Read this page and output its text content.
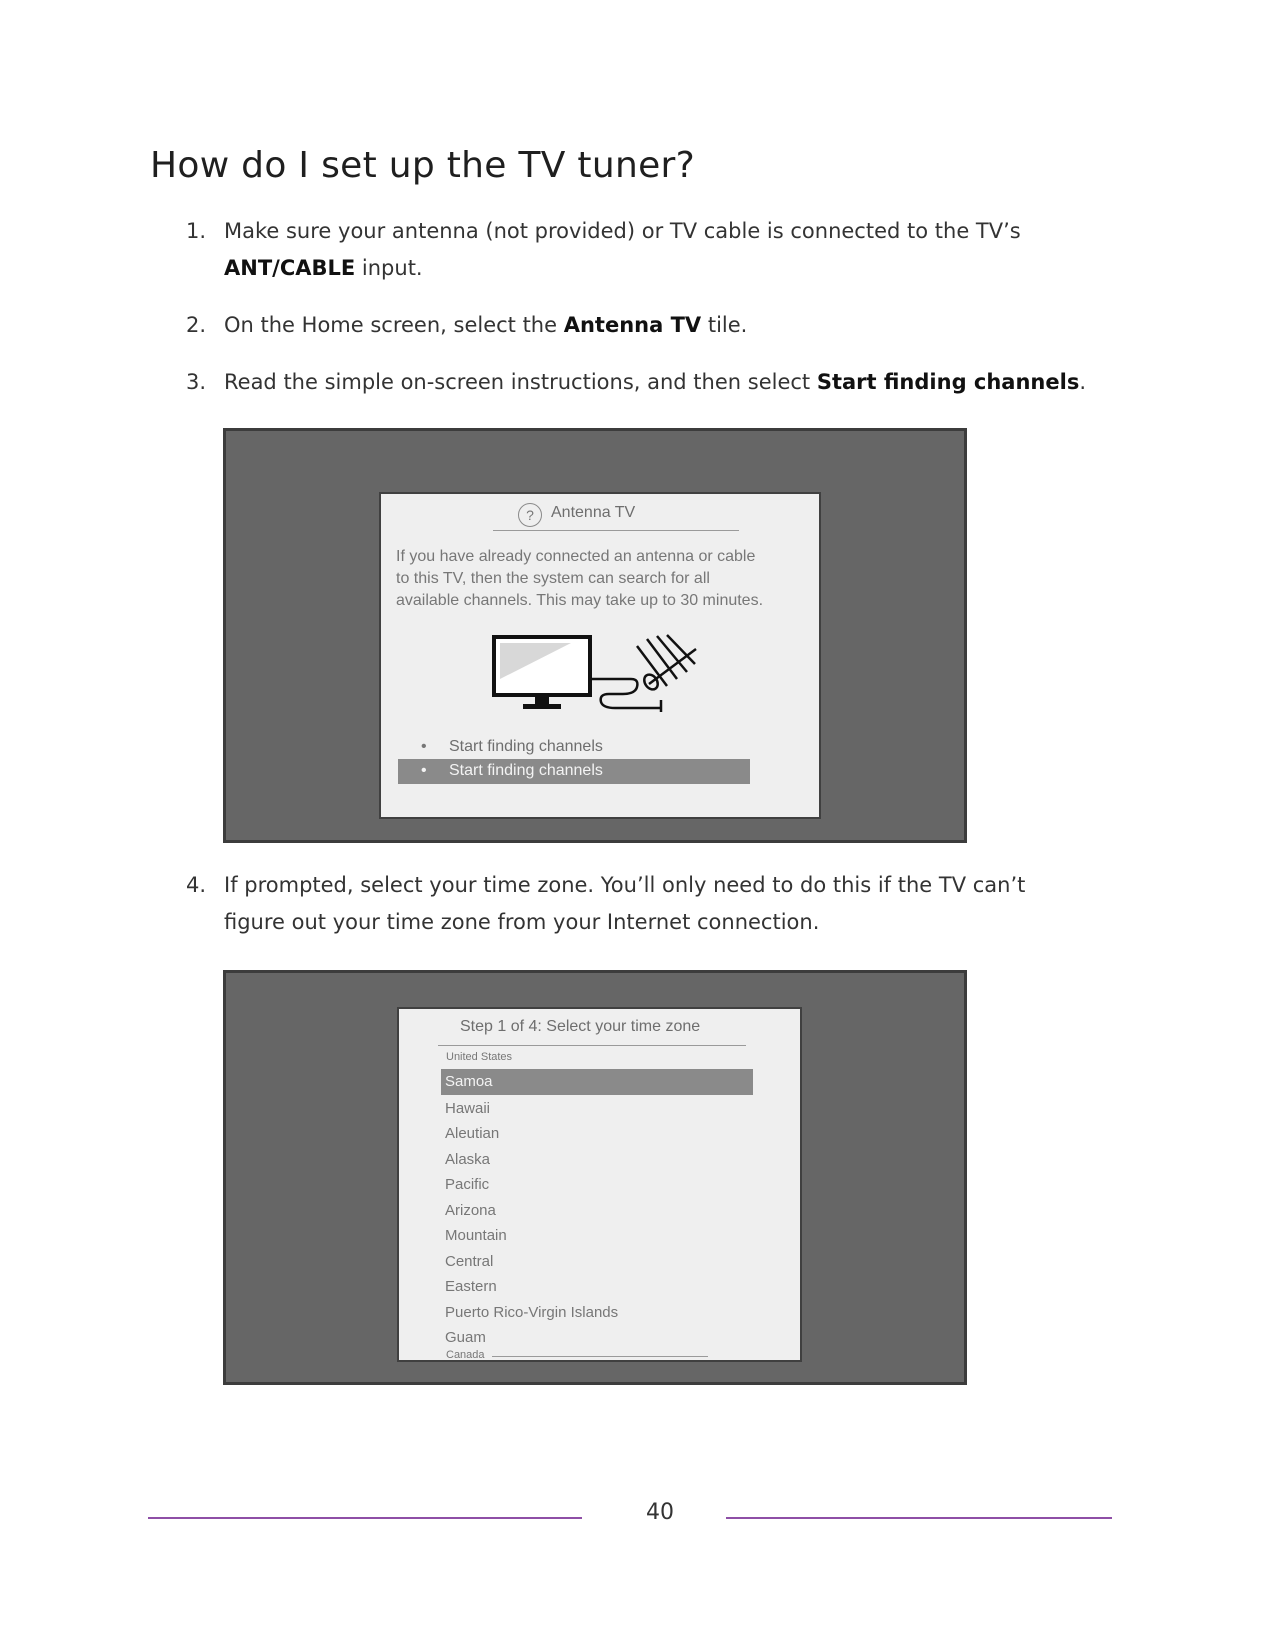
How do I set up the TV tuner?
1. Make sure your antenna (not provided) or TV cable is connected to the TV’s
ANT/CABLE input.
2. On the Home screen, select the Antenna TV tile.
3. Read the simple on-screen instructions, and then select Start finding channels.
?	Antenna TV
If you have already connected an antenna or cable
to this TV, then the system can search for all
available channels. This may take up to 30 minutes.
• Start finding channels
• Start finding channels
4. If prompted, select your time zone. You’ll only need to do this if the TV can’t
figure out your time zone from your Internet connection.
Step 1 of 4: Select your time zone
United States
Samoa
Hawaii
Aleutian
Alaska
Pacific
Arizona
Mountain
Central
Eastern
Puerto Rico-Virgin Islands
Guam
Canada
40
